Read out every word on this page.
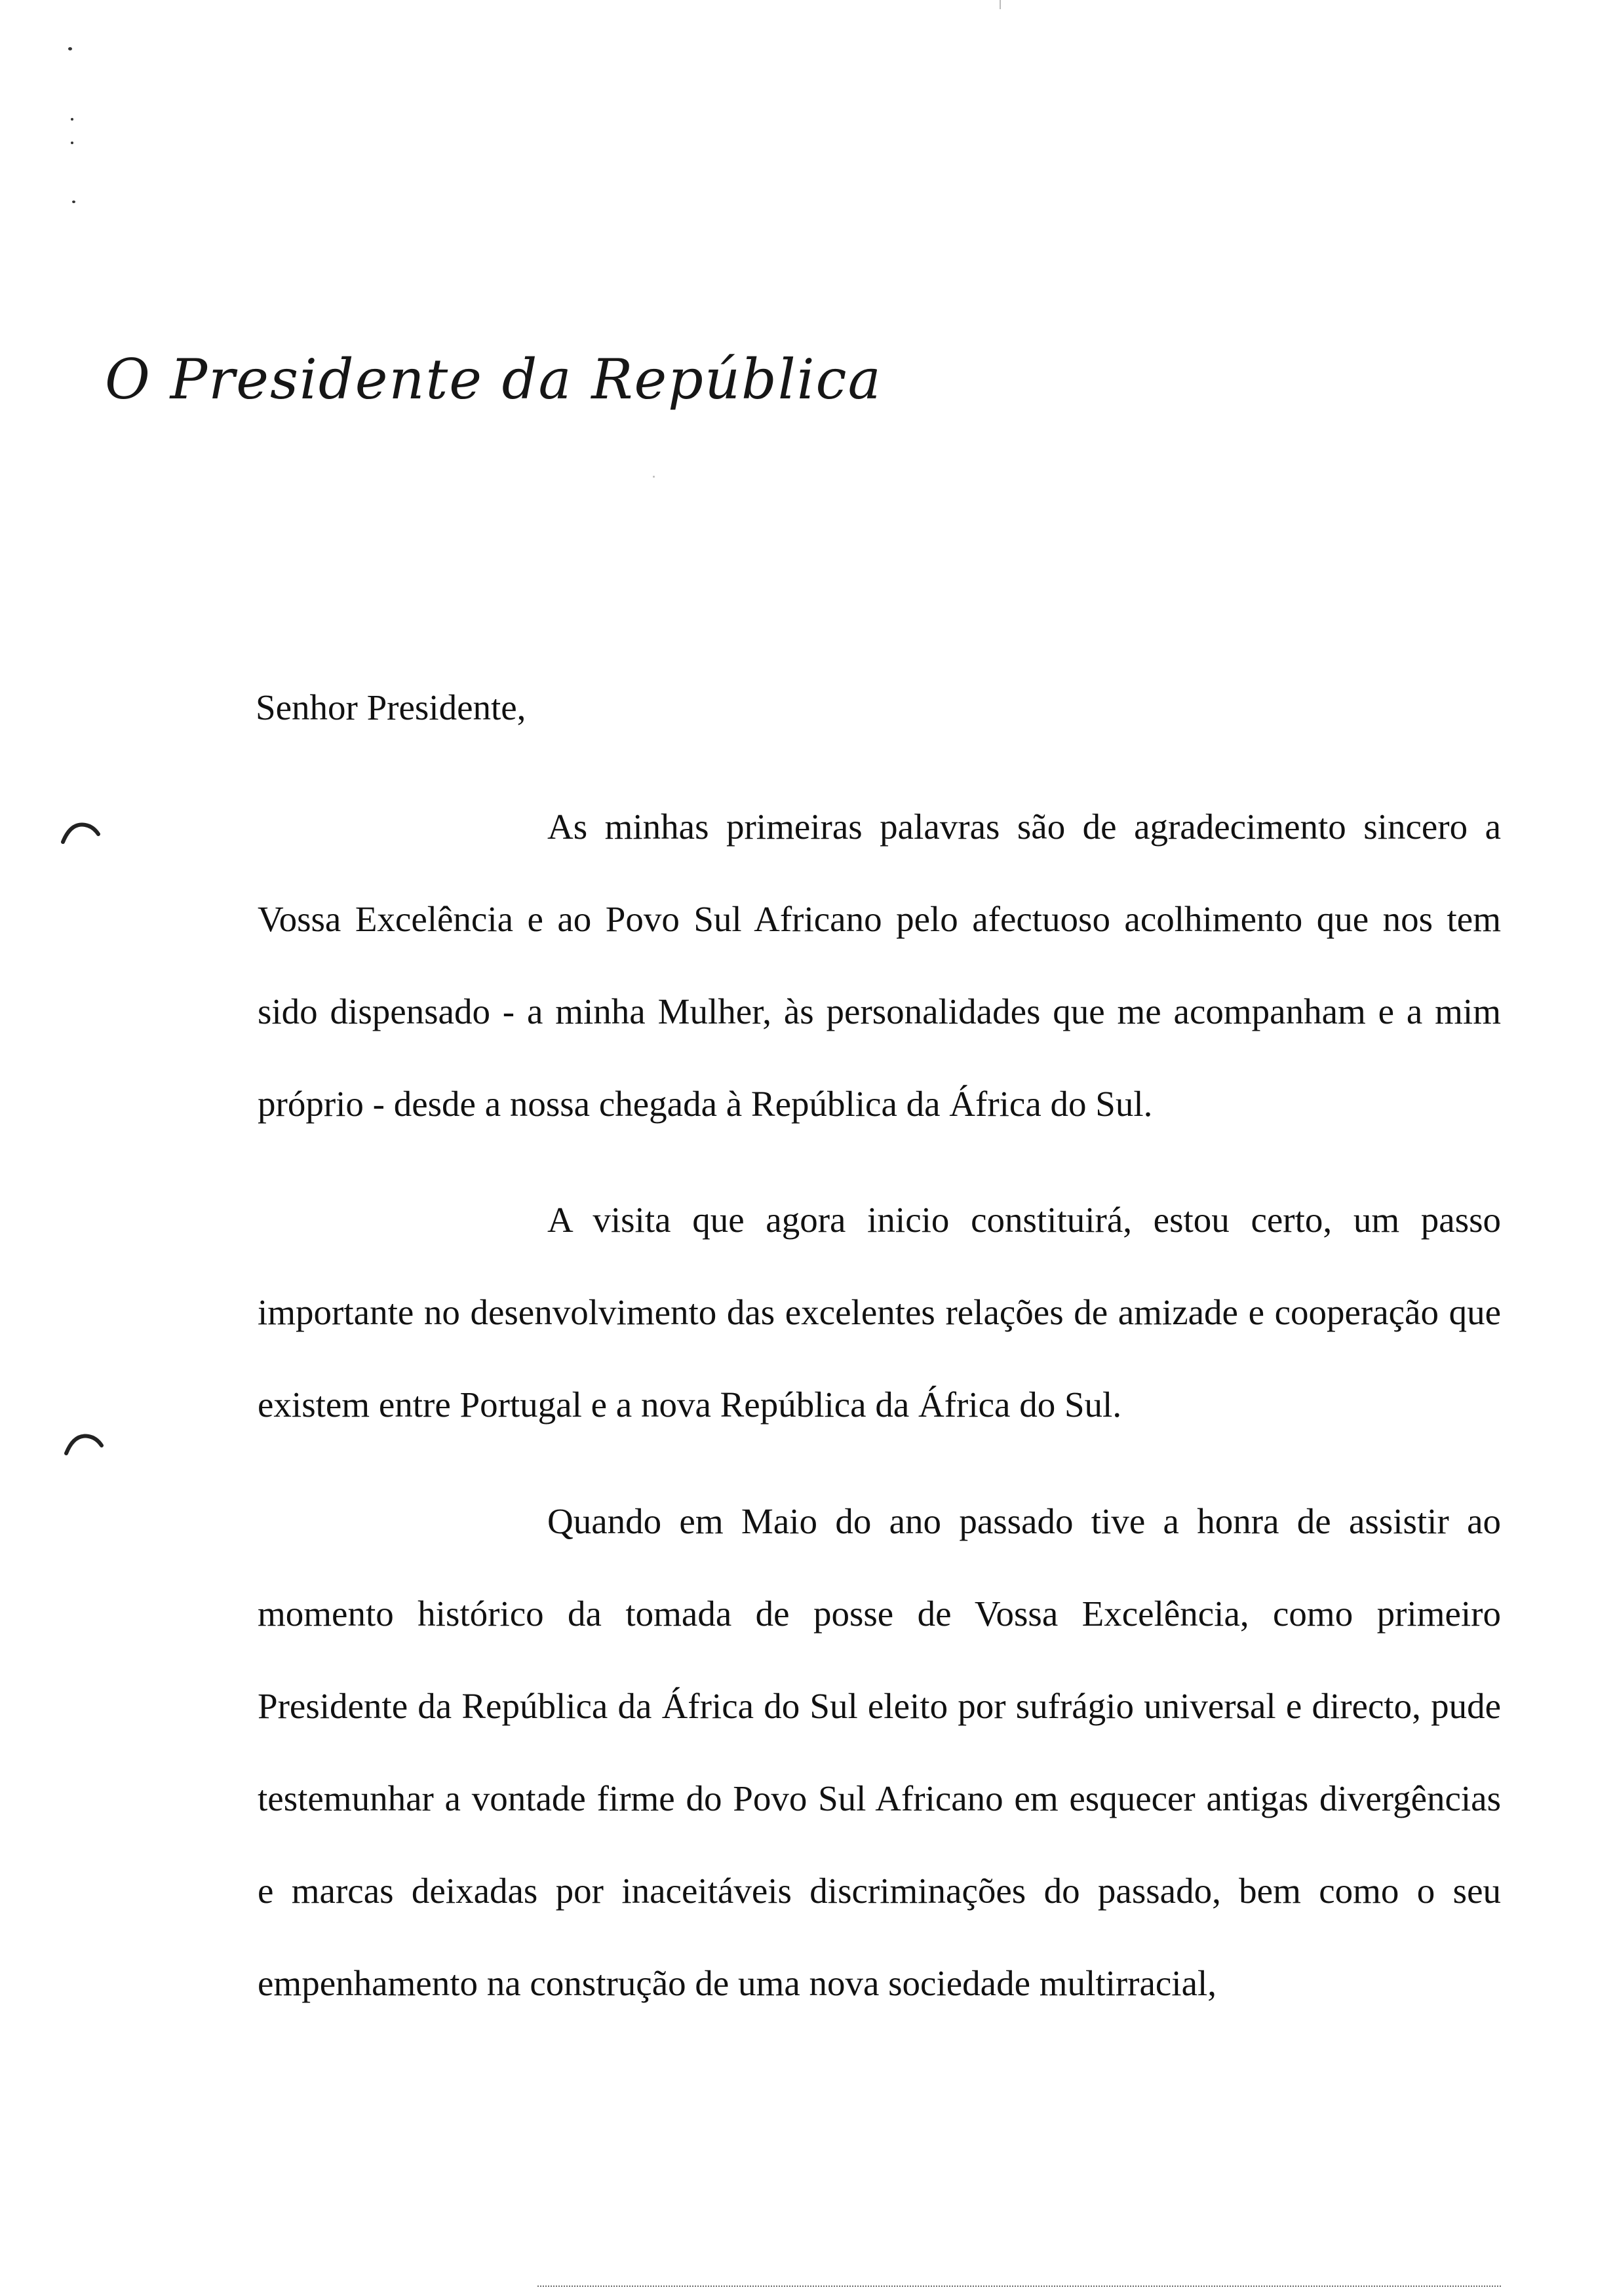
O Presidente da República
Senhor Presidente,
As minhas primeiras palavras são de agradecimento sincero a Vossa Excelência e ao Povo Sul Africano pelo afectuoso acolhimento que nos tem sido dispensado - a minha Mulher, às personalidades que me acompanham e a mim próprio - desde a nossa chegada à República da África do Sul.
A visita que agora inicio constituirá, estou certo, um passo importante no desenvolvimento das excelentes relações de amizade e cooperação que existem entre Portugal e a nova República da África do Sul.
Quando em Maio do ano passado tive a honra de assistir ao momento histórico da tomada de posse de Vossa Excelência, como primeiro Presidente da República da África do Sul eleito por sufrágio universal e directo, pude testemunhar a vontade firme do Povo Sul Africano em esquecer antigas divergências e marcas deixadas por inaceitáveis discriminações do passado, bem como o seu empenhamento na construção de uma nova sociedade multirracial,
